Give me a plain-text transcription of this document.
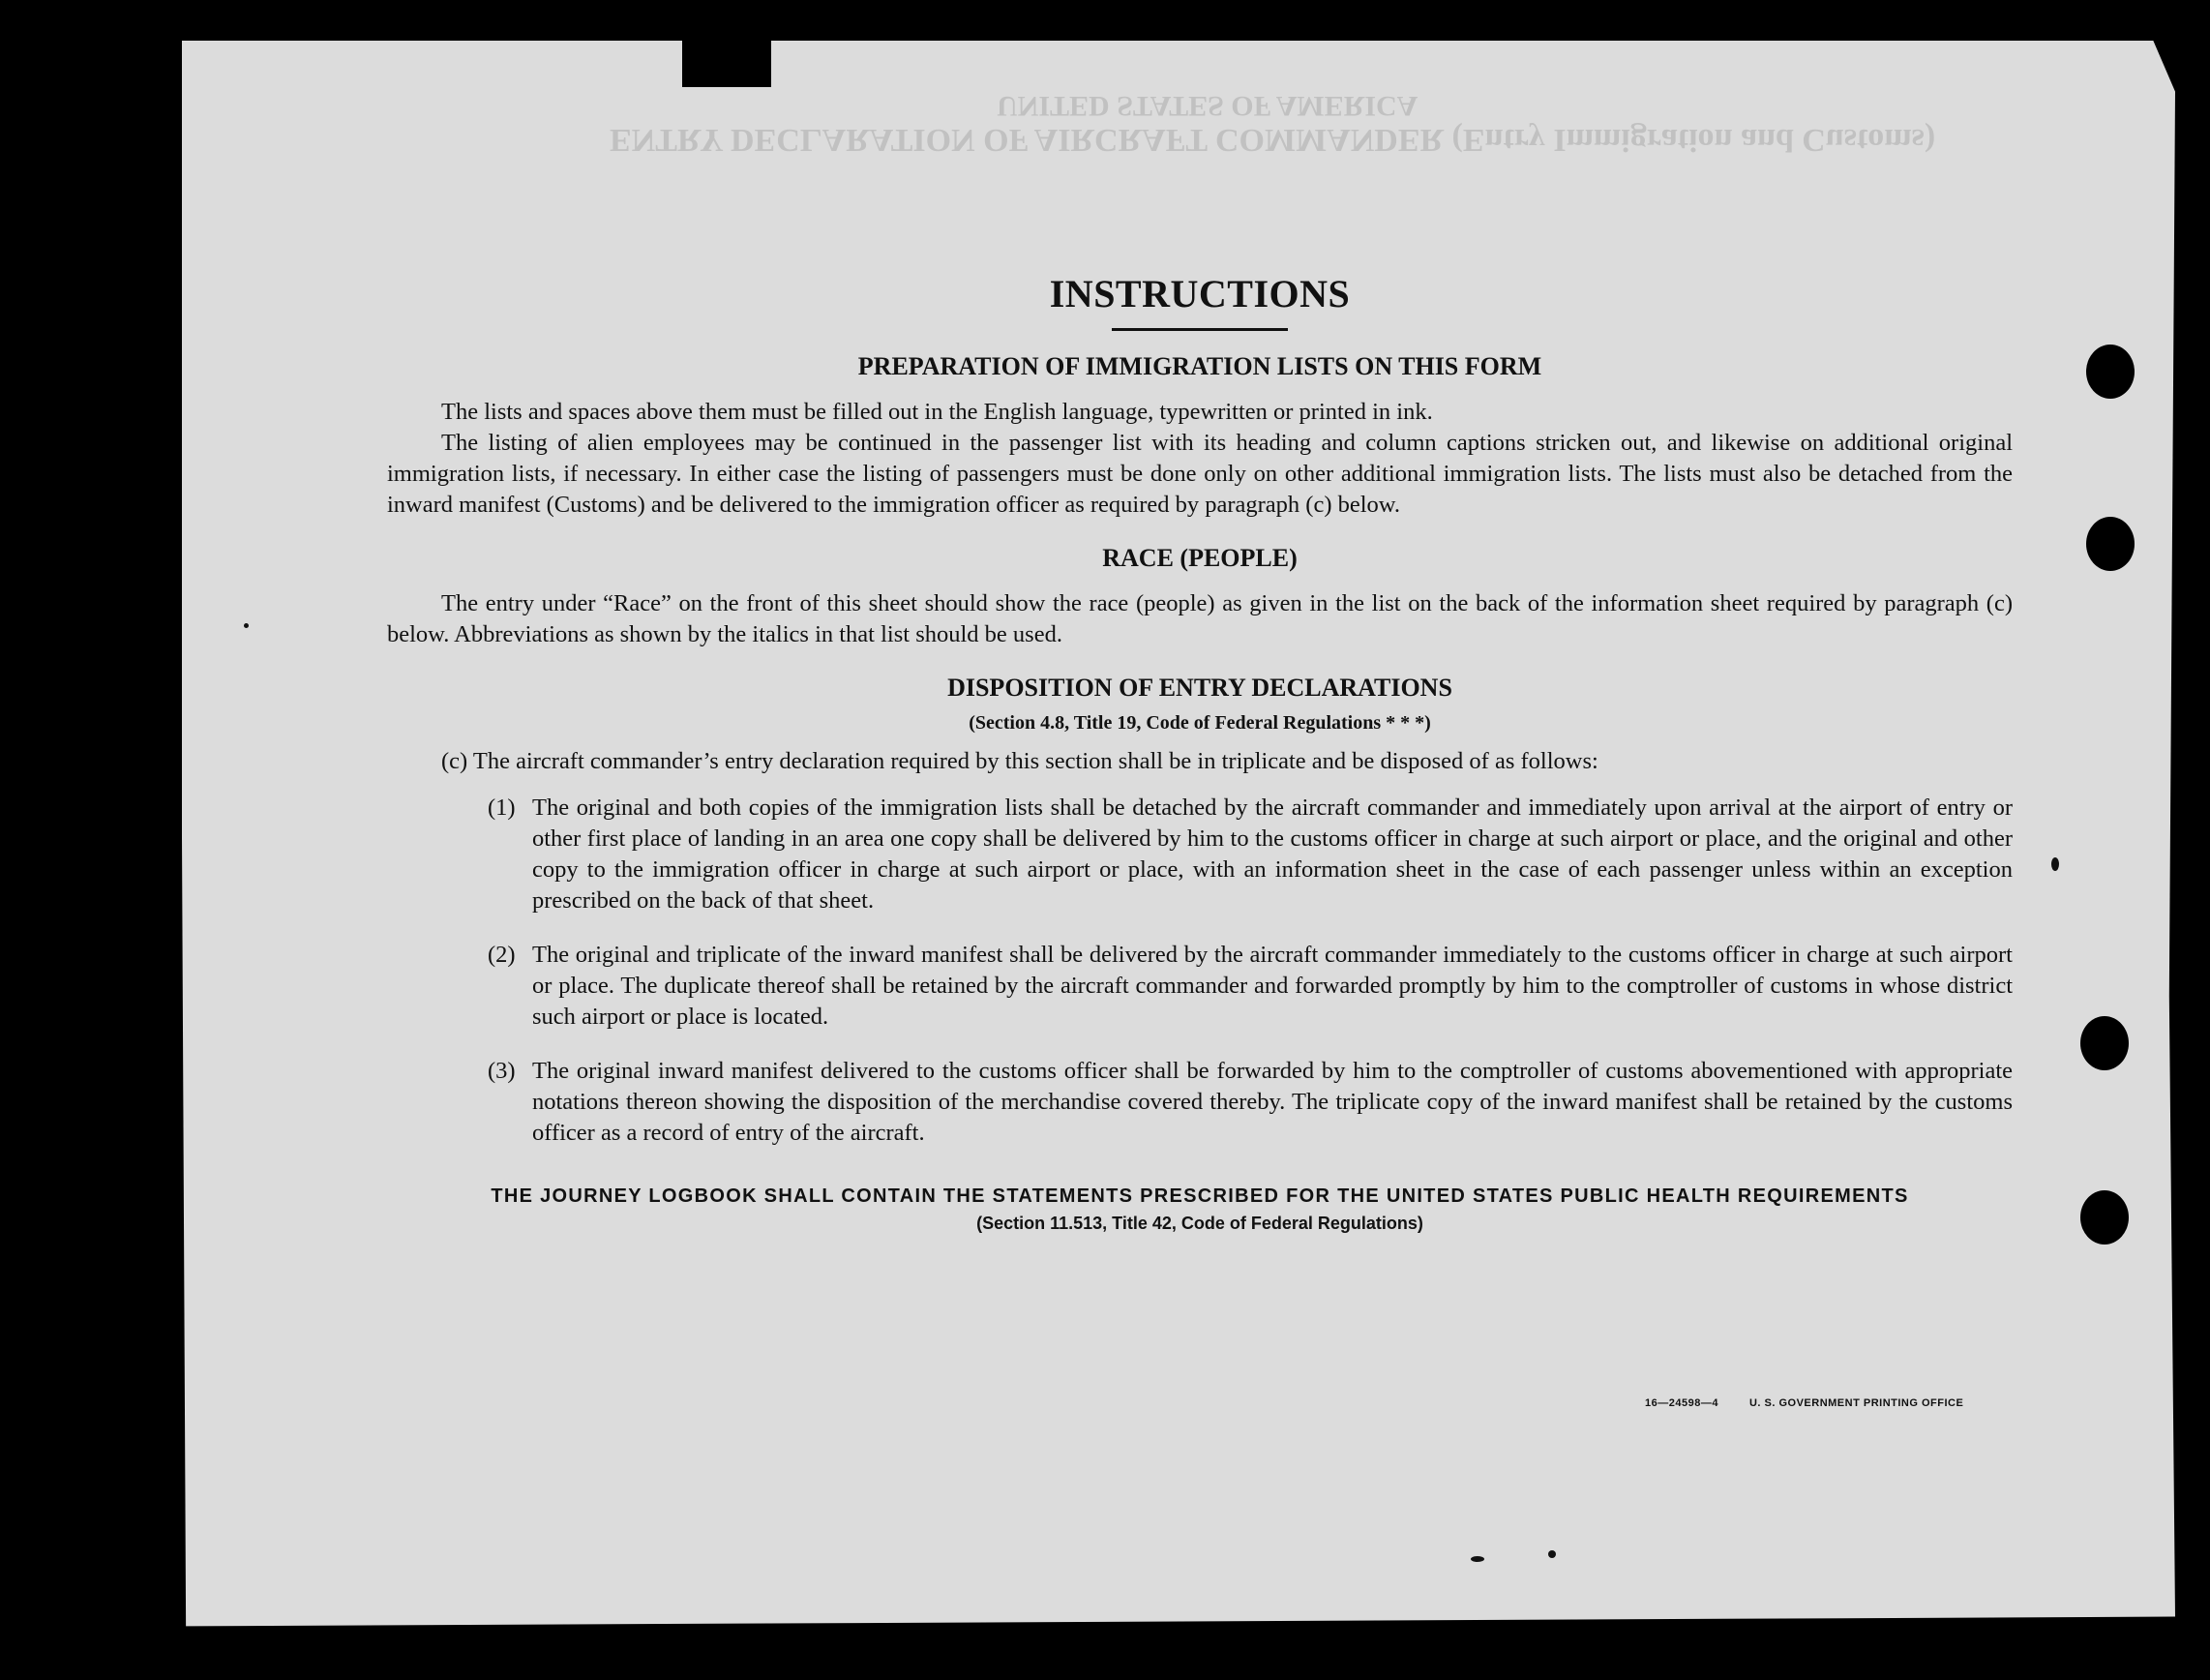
UNITED STATES OF AMERICA
ENTRY DECLARATION OF AIRCRAFT COMMANDER (Entry Immigration and Customs)
INSTRUCTIONS
PREPARATION OF IMMIGRATION LISTS ON THIS FORM

The lists and spaces above them must be filled out in the English language, typewritten or printed in ink.

The listing of alien employees may be continued in the passenger list with its heading and column captions stricken out, and likewise on additional original immigration lists, if necessary. In either case the listing of passengers must be done only on other additional immigration lists. The lists must also be detached from the inward manifest (Customs) and be delivered to the immigration officer as required by paragraph (c) below.

RACE (PEOPLE)

The entry under “Race” on the front of this sheet should show the race (people) as given in the list on the back of the information sheet required by paragraph (c) below. Abbreviations as shown by the italics in that list should be used.

DISPOSITION OF ENTRY DECLARATIONS
(Section 4.8, Title 19, Code of Federal Regulations * * *)

(c) The aircraft commander’s entry declaration required by this section shall be in triplicate and be disposed of as follows:

(1) The original and both copies of the immigration lists shall be detached by the aircraft commander and immediately upon arrival at the airport of entry or other first place of landing in an area one copy shall be delivered by him to the customs officer in charge at such airport or place, and the original and other copy to the immigration officer in charge at such airport or place, with an information sheet in the case of each passenger unless within an exception prescribed on the back of that sheet.
(2) The original and triplicate of the inward manifest shall be delivered by the aircraft commander immediately to the customs officer in charge at such airport or place. The duplicate thereof shall be retained by the aircraft commander and forwarded promptly by him to the comptroller of customs in whose district such airport or place is located.
(3) The original inward manifest delivered to the customs officer shall be forwarded by him to the comptroller of customs abovementioned with appropriate notations thereon showing the disposition of the merchandise covered thereby. The triplicate copy of the inward manifest shall be retained by the customs officer as a record of entry of the aircraft.
THE JOURNEY LOGBOOK SHALL CONTAIN THE STATEMENTS PRESCRIBED FOR THE UNITED STATES PUBLIC HEALTH REQUIREMENTS
(Section 11.513, Title 42, Code of Federal Regulations)
16—24598—4	U. S. GOVERNMENT PRINTING OFFICE
